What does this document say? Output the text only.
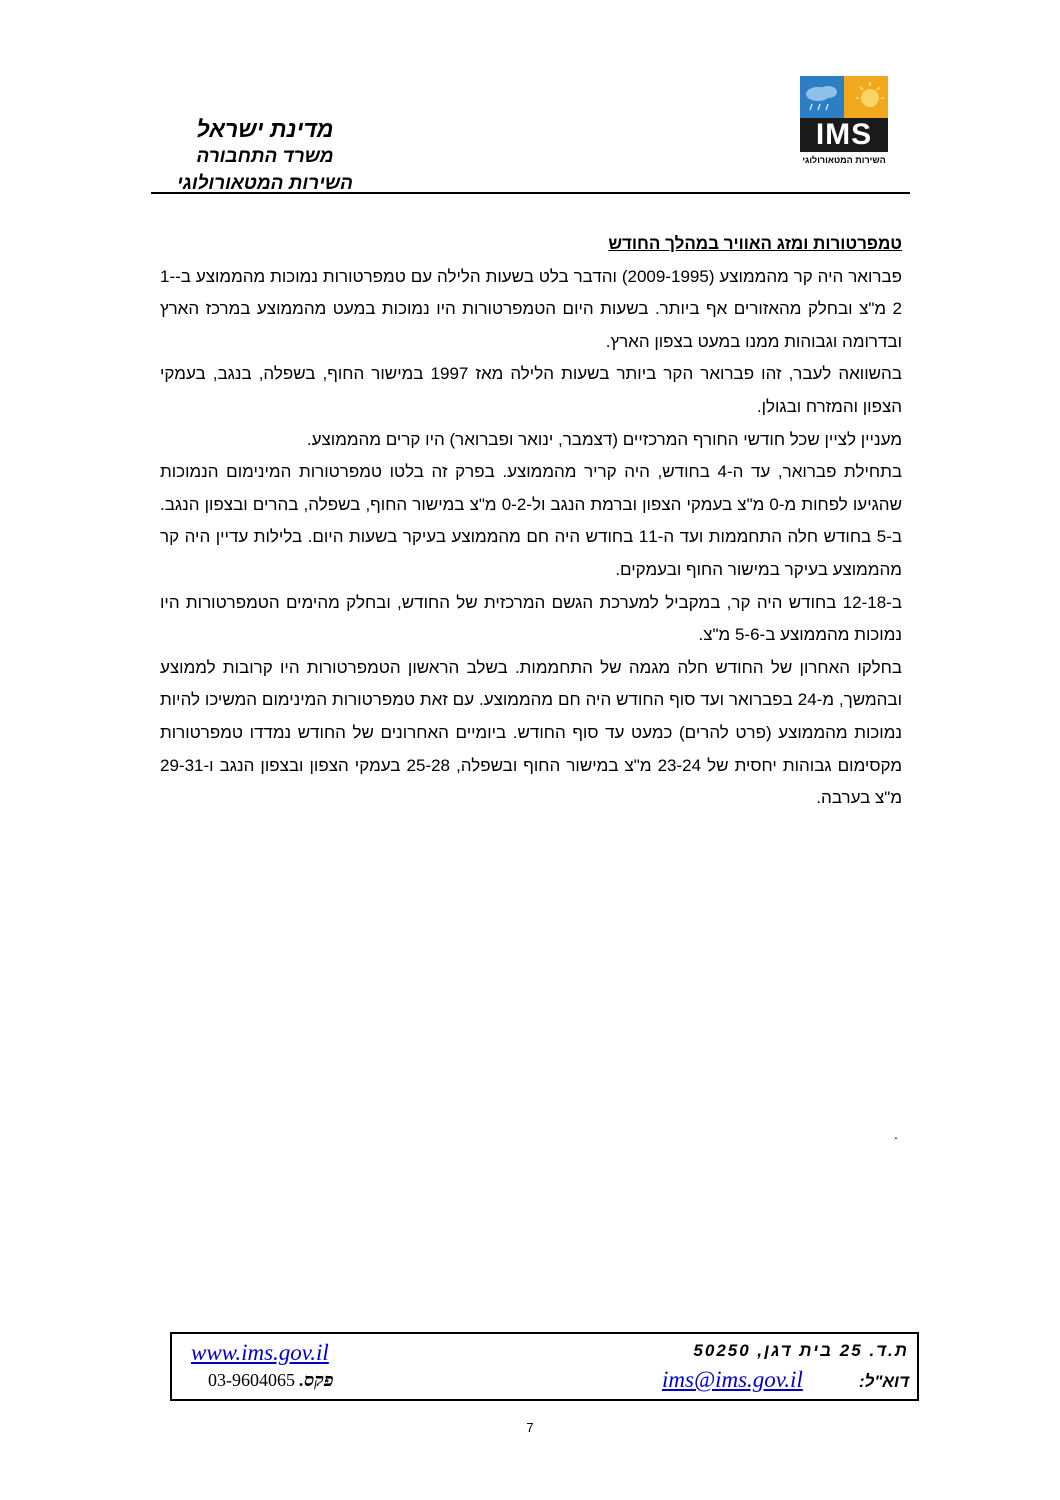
מדינת ישראל
משרד התחבורה
השירות המטאורולוגי
IMS
השירות המטאורולוגי
טמפרטורות ומזג האוויר במהלך החודש

פברואר היה קר מהממוצע (2009-1995) והדבר בלט בשעות הלילה עם טמפרטורות נמוכות מהממוצע ב-1-2 מ"צ ובחלק מהאזורים אף ביותר. בשעות היום הטמפרטורות היו נמוכות במעט מהממוצע במרכז הארץ ובדרומה וגבוהות ממנו במעט בצפון הארץ.

בהשוואה לעבר, זהו פברואר הקר ביותר בשעות הלילה מאז 1997 במישור החוף, בשפלה, בנגב, בעמקי הצפון והמזרח ובגולן.

מעניין לציין שכל חודשי החורף המרכזיים (דצמבר, ינואר ופברואר) היו קרים מהממוצע.

בתחילת פברואר, עד ה-4 בחודש, היה קריר מהממוצע. בפרק זה בלטו טמפרטורות המינימום הנמוכות שהגיעו לפחות מ-0 מ"צ בעמקי הצפון וברמת הנגב ול-0-2 מ"צ במישור החוף, בשפלה, בהרים ובצפון הנגב. ב-5 בחודש חלה התחממות ועד ה-11 בחודש היה חם מהממוצע בעיקר בשעות היום. בלילות עדיין היה קר מהממוצע בעיקר במישור החוף ובעמקים.

ב-12-18 בחודש היה קר, במקביל למערכת הגשם המרכזית של החודש, ובחלק מהימים הטמפרטורות היו נמוכות מהממוצע ב-5-6 מ"צ.

בחלקו האחרון של החודש חלה מגמה של התחממות. בשלב הראשון הטמפרטורות היו קרובות לממוצע ובהמשך, מ-24 בפברואר ועד סוף החודש היה חם מהממוצע. עם זאת טמפרטורות המינימום המשיכו להיות נמוכות מהממוצע (פרט להרים) כמעט עד סוף החודש. ביומיים האחרונים של החודש נמדדו טמפרטורות מקסימום גבוהות יחסית של 23-24 מ"צ במישור החוף ובשפלה, 25-28 בעמקי הצפון ובצפון הנגב ו-29-31 מ"צ בערבה.

.
www.ims.gov.il	ת.ד. 25 בית דגן, 50250
פקס. 03-9604065	ims@ims.gov.il	דוא"ל:
7
